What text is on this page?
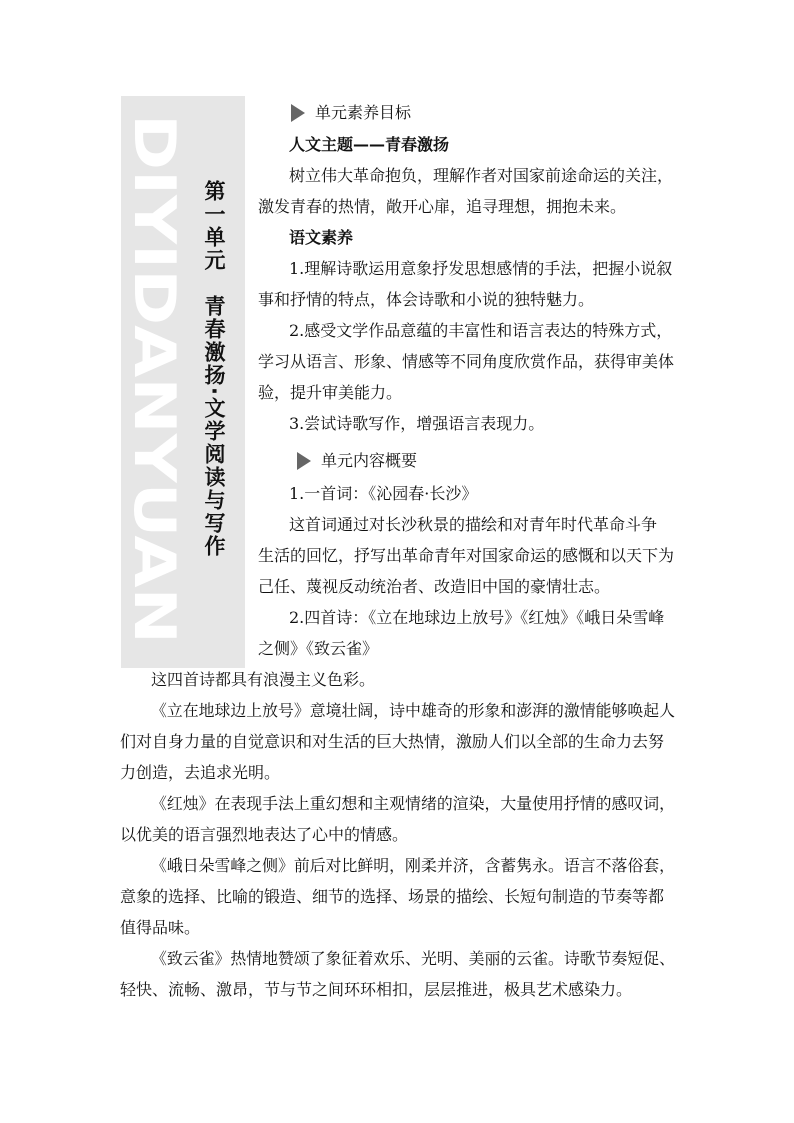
DIYIDANYUAN 第一单元　青春激扬·文学阅读与写作
单元素养目标
人文主题——青春激扬
树立伟大革命抱负，理解作者对国家前途命运的关注，
激发青春的热情，敞开心扉，追寻理想，拥抱未来。
语文素养
1.理解诗歌运用意象抒发思想感情的手法，把握小说叙
事和抒情的特点，体会诗歌和小说的独特魅力。
2.感受文学作品意蕴的丰富性和语言表达的特殊方式，
学习从语言、形象、情感等不同角度欣赏作品，获得审美体
验，提升审美能力。
3.尝试诗歌写作，增强语言表现力。
单元内容概要
1.一首词：《沁园春·长沙》
这首词通过对长沙秋景的描绘和对青年时代革命斗争
生活的回忆，抒写出革命青年对国家命运的感慨和以天下为
己任、蔑视反动统治者、改造旧中国的豪情壮志。
2.四首诗：《立在地球边上放号》《红烛》《峨日朵雪峰
之侧》《致云雀》
这四首诗都具有浪漫主义色彩。
《立在地球边上放号》意境壮阔，诗中雄奇的形象和澎湃的激情能够唤起人
们对自身力量的自觉意识和对生活的巨大热情，激励人们以全部的生命力去努
力创造，去追求光明。
《红烛》在表现手法上重幻想和主观情绪的渲染，大量使用抒情的感叹词，
以优美的语言强烈地表达了心中的情感。
《峨日朵雪峰之侧》前后对比鲜明，刚柔并济，含蓄隽永。语言不落俗套，
意象的选择、比喻的锻造、细节的选择、场景的描绘、长短句制造的节奏等都
值得品味。
《致云雀》热情地赞颂了象征着欢乐、光明、美丽的云雀。诗歌节奏短促、
轻快、流畅、激昂，节与节之间环环相扣，层层推进，极具艺术感染力。
